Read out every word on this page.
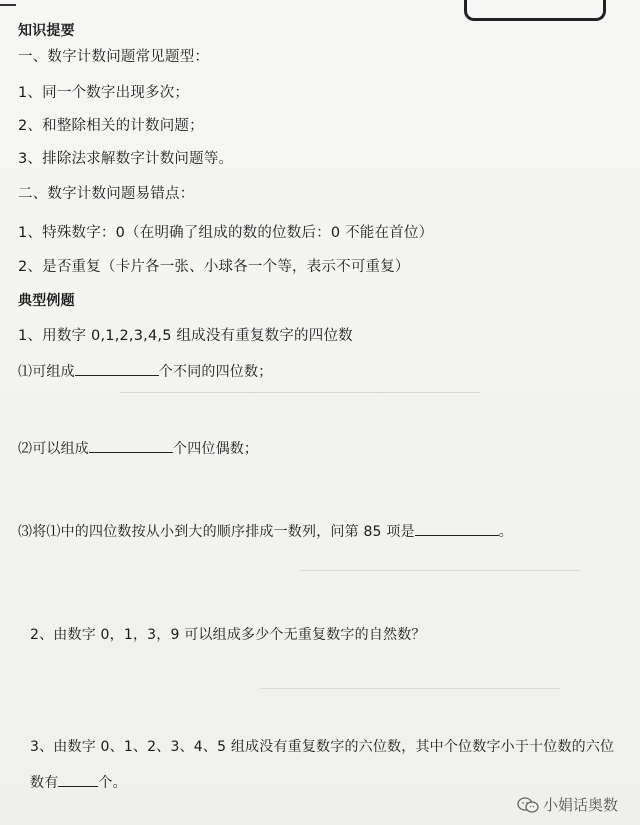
知识提要
一、数字计数问题常见题型：
1、同一个数字出现多次；
2、和整除相关的计数问题；
3、排除法求解数字计数问题等。
二、数字计数问题易错点：
1、特殊数字：0（在明确了组成的数的位数后：0 不能在首位）
2、是否重复（卡片各一张、小球各一个等，表示不可重复）
典型例题
1、用数字 0,1,2,3,4,5 组成没有重复数字的四位数
⑴可组成	个不同的四位数；
⑵可以组成	个四位偶数；
⑶将⑴中的四位数按从小到大的顺序排成一数列，问第 85 项是	。
2、由数字 0，1，3，9 可以组成多少个无重复数字的自然数？
3、由数字 0、1、2、3、4、5 组成没有重复数字的六位数，其中个位数字小于十位数的六位
数有	个。
小娟话奥数
